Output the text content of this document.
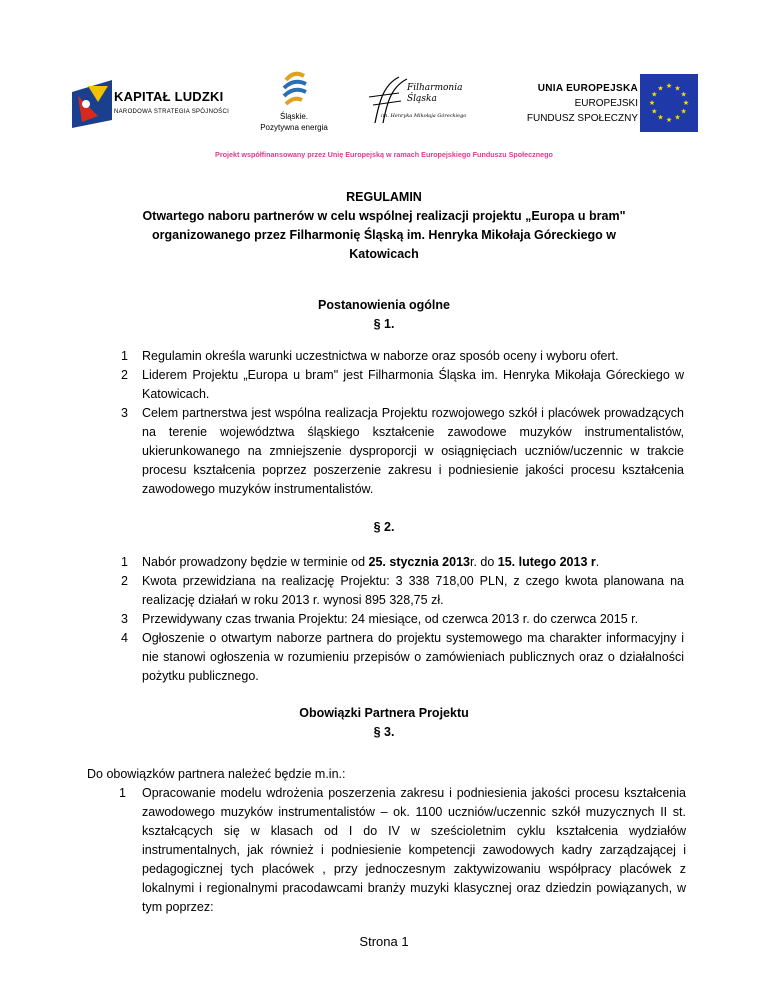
KAPITAŁ LUDZKI
NARODOWA STRATEGIA SPÓJNOŚCI	Śląskie.
Pozytywna energia
Filharmonia
Śląska
im. Henryka Mikołaja Góreckiego
UNIA EUROPEJSKA
EUROPEJSKI
FUNDUSZ SPOŁECZNY
★ ★
★
★
★
★
★
★
★
★
★
★
Projekt współfinansowany przez Unię Europejską w ramach Europejskiego Funduszu Społecznego
REGULAMIN
Otwartego naboru partnerów w celu wspólnej realizacji projektu „Europa u bram"
organizowanego przez Filharmonię Śląską im. Henryka Mikołaja Góreckiego w
Katowicach
Postanowienia ogólne
§ 1.
1 Regulamin określa warunki uczestnictwa w naborze oraz sposób oceny i wyboru ofert.
2 Liderem Projektu „Europa u bram" jest Filharmonia Śląska im. Henryka Mikołaja Góreckiego w Katowicach.
3 Celem partnerstwa jest wspólna realizacja Projektu rozwojowego szkół i placówek prowadzących na terenie województwa śląskiego kształcenie zawodowe muzyków instrumentalistów, ukierunkowanego na zmniejszenie dysproporcji w osiągnięciach uczniów/uczennic w trakcie procesu kształcenia poprzez poszerzenie zakresu i podniesienie jakości procesu kształcenia zawodowego muzyków instrumentalistów.
§ 2.
1 Nabór prowadzony będzie w terminie od 25. stycznia 2013r. do 15. lutego 2013 r.
2 Kwota przewidziana na realizację Projektu: 3 338 718,00 PLN, z czego kwota planowana na realizację działań w roku 2013 r. wynosi 895 328,75 zł.
3 Przewidywany czas trwania Projektu: 24 miesiące, od czerwca 2013 r. do czerwca 2015 r.
4 Ogłoszenie o otwartym naborze partnera do projektu systemowego ma charakter informacyjny i nie stanowi ogłoszenia w rozumieniu przepisów o zamówieniach publicznych oraz o działalności pożytku publicznego.
Obowiązki Partnera Projektu
§ 3.
Do obowiązków partnera należeć będzie m.in.:
1 Opracowanie modelu wdrożenia poszerzenia zakresu i podniesienia jakości procesu kształcenia zawodowego muzyków instrumentalistów – ok. 1100 uczniów/uczennic szkół muzycznych II st. kształcących się w klasach od I do IV w sześcioletnim cyklu kształcenia wydziałów instrumentalnych, jak również i podniesienie kompetencji zawodowych kadry zarządzającej i pedagogicznej tych placówek , przy jednoczesnym zaktywizowaniu współpracy placówek z lokalnymi i regionalnymi pracodawcami branży muzyki klasycznej oraz dziedzin powiązanych, w tym poprzez:
Strona 1
